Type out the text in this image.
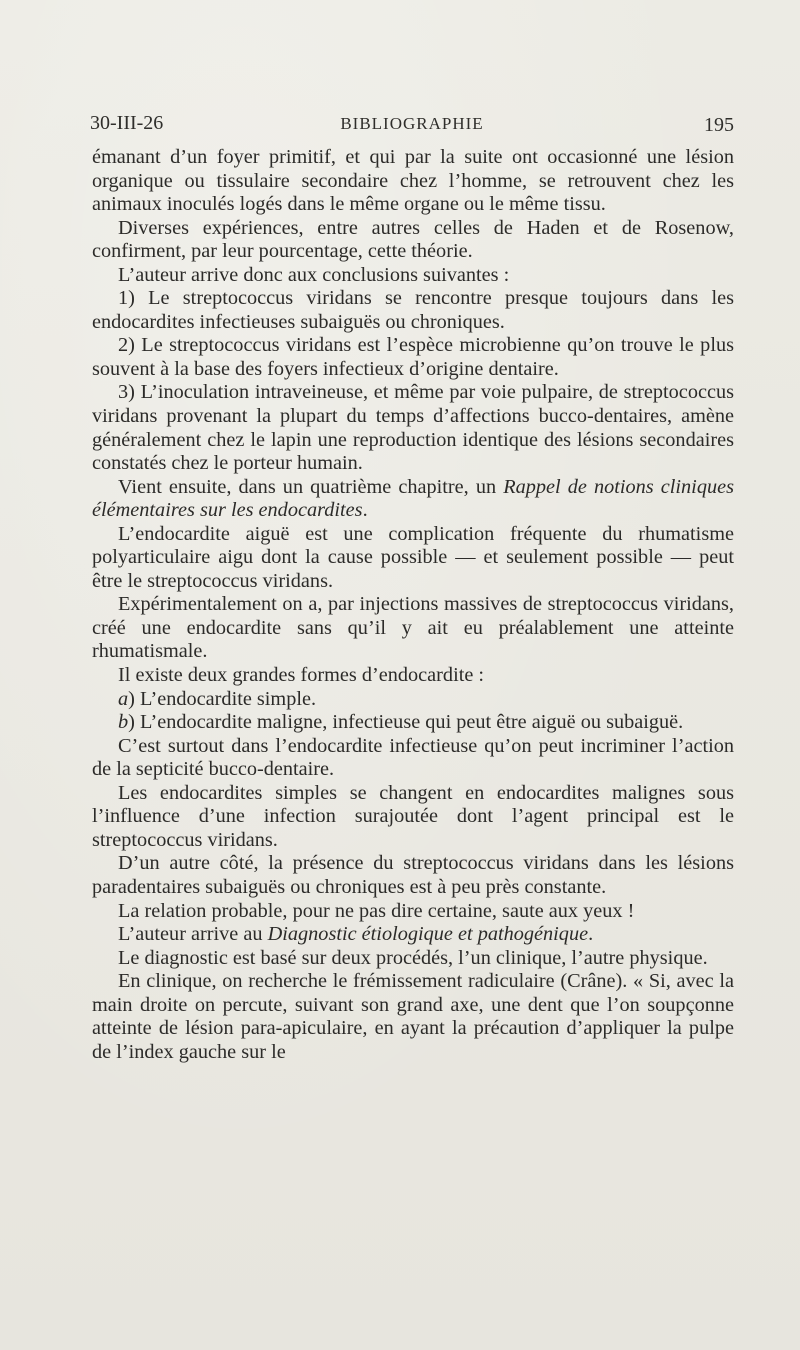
30-III-26	BIBLIOGRAPHIE	195

émanant d’un foyer primitif, et qui par la suite ont occasionné une lésion organique ou tissulaire secondaire chez l’homme, se retrouvent chez les animaux inoculés logés dans le même organe ou le même tissu.

Diverses expériences, entre autres celles de Haden et de Rosenow, confirment, par leur pourcentage, cette théorie.

L’auteur arrive donc aux conclusions suivantes :

1) Le streptococcus viridans se rencontre presque toujours dans les endocardites infectieuses subaiguës ou chroniques.

2) Le streptococcus viridans est l’espèce microbienne qu’on trouve le plus souvent à la base des foyers infectieux d’origine dentaire.

3) L’inoculation intraveineuse, et même par voie pulpaire, de streptococcus viridans provenant la plupart du temps d’affections bucco-dentaires, amène généralement chez le lapin une reproduction identique des lésions secondaires constatés chez le porteur humain.

Vient ensuite, dans un quatrième chapitre, un Rappel de notions cliniques élémentaires sur les endocardites.

L’endocardite aiguë est une complication fréquente du rhumatisme polyarticulaire aigu dont la cause possible — et seulement possible — peut être le streptococcus viridans.

Expérimentalement on a, par injections massives de streptococcus viridans, créé une endocardite sans qu’il y ait eu préalablement une atteinte rhumatismale.

Il existe deux grandes formes d’endocardite :

a) L’endocardite simple.

b) L’endocardite maligne, infectieuse qui peut être aiguë ou subaiguë.

C’est surtout dans l’endocardite infectieuse qu’on peut incriminer l’action de la septicité bucco-dentaire.

Les endocardites simples se changent en endocardites malignes sous l’influence d’une infection surajoutée dont l’agent principal est le streptococcus viridans.

D’un autre côté, la présence du streptococcus viridans dans les lésions paradentaires subaiguës ou chroniques est à peu près constante.

La relation probable, pour ne pas dire certaine, saute aux yeux !

L’auteur arrive au Diagnostic étiologique et pathogénique.

Le diagnostic est basé sur deux procédés, l’un clinique, l’autre physique.

En clinique, on recherche le frémissement radiculaire (Crâne). « Si, avec la main droite on percute, suivant son grand axe, une dent que l’on soupçonne atteinte de lésion para-apiculaire, en ayant la précaution d’appliquer la pulpe de l’index gauche sur le
